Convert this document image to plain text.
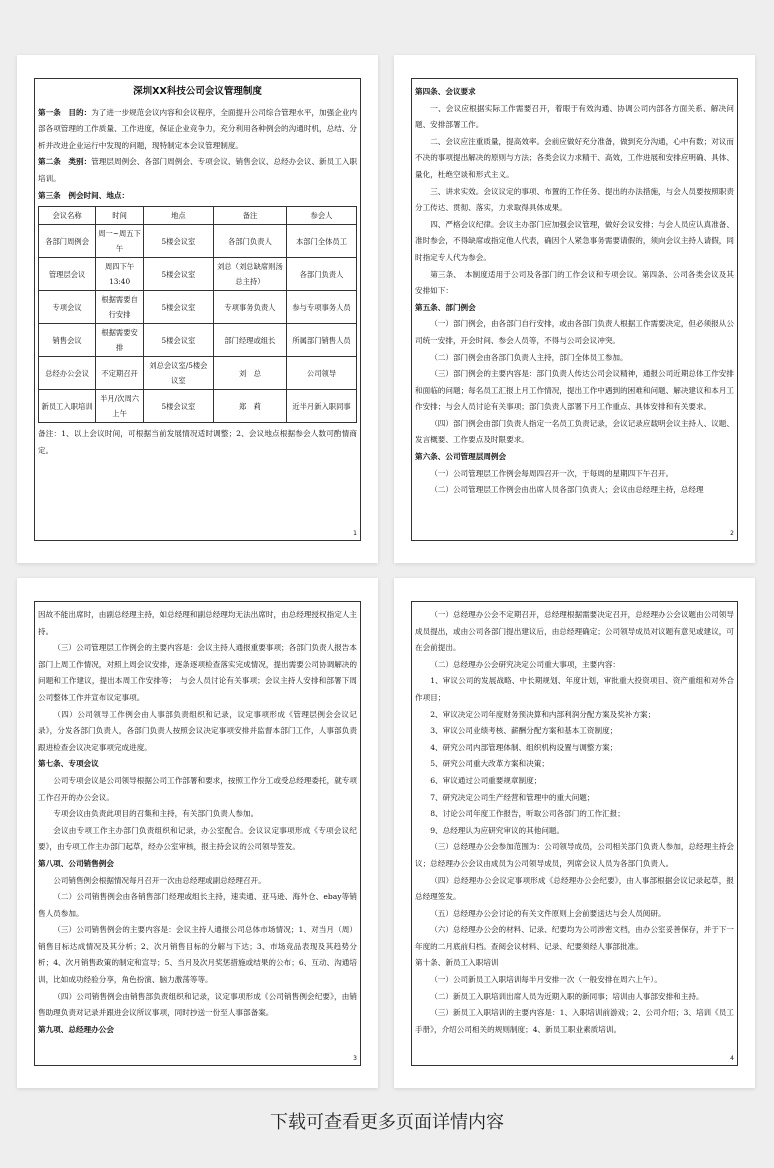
深圳XX科技公司会议管理制度

第一条　 目的：为了进一步规范会议内容和会议程序，全面提升公司综合管理水平，加强企业内部各项管理的工作质量、工作进度，保证企业竞争力，充分利用各种例会的沟通时机，总结、分析并改进企业运行中发现的问题，现特制定本会议管理制度。

第二条　 类别：管理层周例会、各部门周例会、专项会议、销售会议、总经办会议、新员工入职培训。

第三条　 例会时间、地点：

会议名称	时间	地点	备注	参会人
各部门周例会	周一~周五下午	5楼会议室	各部门负责人	本部门全体员工
管理层会议	周四下午13:40	5楼会议室	刘总（刘总缺席则汤总主持）	各部门负责人
专项会议	根据需要自行安排	5楼会议室	专项事务负责人	参与专项事务人员
销售会议	根据需要安排	5楼会议室	部门经理或组长	所属部门销售人员
总经办公会议	不定期召开	刘总会议室/5楼会议室	刘　总	公司领导
新员工入职培训	半月/次周六上午	5楼会议室	郑　莉	近半月新入职同事

备注：1、以上会议时间，可根据当前发展情况适时调整；2、会议地点根据参会人数可酌情商定。

1

第四条、会议要求

一、会议应根据实际工作需要召开，着眼于有效沟通、协调公司内部各方面关系、解决问题、安排部署工作。

二、会议应注重质量，提高效率。会前应做好充分准备，做到充分沟通，心中有数；对议而不决的事项提出解决的原则与方法；各类会议力求精干、高效，工作进展和安排应明确、具体、量化，杜绝空谈和形式主义。

三、讲求实效。会议议定的事项、布置的工作任务、提出的办法措施，与会人员要按照职责分工传达、贯彻、落实，力求取得具体成果。

四、严格会议纪律。会议主办部门应加强会议管理，做好会议安排；与会人员应认真准备、准时参会，不得缺席或指定他人代表，确因个人紧急事务需要请假的，须向会议主持人请假，同时指定专人代为参会。

第三条、　本制度适用于公司及各部门的工作会议和专项会议。第四条、公司各类会议及其安排如下：

第五条、部门例会

（一）部门例会，由各部门自行安排，或由各部门负责人根据工作需要决定，但必须报从公司统一安排，开会时间、参会人员等，不得与公司会议冲突。

（二）部门例会由各部门负责人主持，部门全体员工参加。

（三）部门例会的主要内容是：部门负责人传达公司会议精神，通报公司近期总体工作安排和面临的问题；每名员工汇报上月工作情况，提出工作中遇到的困难和问题、解决建议和本月工作安排；与会人员讨论有关事项；部门负责人部署下月工作重点、具体安排和有关要求。

（四）部门例会由部门负责人指定一名员工负责记录，会议记录应载明会议主持人、议题、发言概要、工作要点及时限要求。

第六条、公司管理层周例会

（一）公司管理层工作例会每周四召开一次，于每周的星期四下午召开。

（二）公司管理层工作例会由出席人员各部门负责人；会议由总经理主持，总经理

2

因故不能出席时，由副总经理主持，如总经理和副总经理均无法出席时，由总经理授权指定人主持。

（三）公司管理层工作例会的主要内容是：会议主持人通报重要事项；各部门负责人报告本部门上周工作情况，对照上周会议安排，逐条逐项检查落实完成情况，提出需要公司协调解决的问题和工作建议，提出本周工作安排等；　与会人员讨论有关事项；会议主持人安排和部署下周公司整体工作并宣布议定事项。

（四）公司领导工作例会由人事部负责组织和记录，议定事项形成《管理层例会会议记录》，分发各部门负责人，各部门负责人按照会议决定事项安排并监督本部门工作，人事部负责跟进检查会议决定事项完成进度。

第七条、专项会议

公司专项会议是公司领导根据公司工作部署和要求，按照工作分工或受总经理委托，就专项工作召开的办公会议。

专项会议由负责此项目的召集和主持，有关部门负责人参加。

会议由专项工作主办部门负责组织和记录，办公室配合。会议议定事项形成《专项会议纪要》，由专项工作主办部门起草，经办公室审核，报主持会议的公司领导签发。

第八项、公司销售例会

公司销售例会根据情况每月召开一次由总经理或副总经理召开。

（二）公司销售例会由各销售部门经理或组长主持，速卖通、亚马逊、海外仓、ebay等销售人员参加。

（三）公司销售例会的主要内容是：会议主持人通报公司总体市场情况；1、对当月（周）销售目标达成情况及其分析；2、次月销售目标的分解与下达；3、市场竞品表现及其趋势分析；4、次月销售政策的制定和宣导；5、当月及次月奖惩措施或结果的公布；6、互动、沟通培训，比如成功经验分享，角色扮演、脑力激荡等等。

（四）公司销售例会由销售部负责组织和记录，议定事项形成《公司销售例会纪要》，由销售助理负责对记录并跟进会议所议事项，同时抄送一份至人事部备案。

第九项、总经理办公会

3

（一）总经理办公会不定期召开，总经理根据需要决定召开，总经理办公会议题由公司领导成员提出，或由公司各部门提出建议后，由总经理确定；公司领导成员对议题有意见或建议，可在会前提出。

（二）总经理办公会研究决定公司重大事项，主要内容：

1、审议公司的发展战略、中长期规划、年度计划，审批重大投资项目、资产重组和对外合作项目；

2、审议决定公司年度财务预决算和内部利润分配方案及奖补方案；

3、审议公司业绩考核、薪酬分配方案和基本工资制度；

4、研究公司内部管理体制、组织机构设置与调整方案；

5、研究公司重大改革方案和决策；

6、审议通过公司重要规章制度；

7、研究决定公司生产经营和管理中的重大问题；

8、讨论公司年度工作报告，听取公司各部门的工作汇报；

9、总经理认为应研究审议的其他问题。

（三）总经理办公会参加范围为：公司领导成员，公司相关部门负责人参加，总经理主持会议；总经理办公会议由成员为公司领导成员，列席会议人员为各部门负责人。

（四）总经理办公会议定事项形成《总经理办公会纪要》，由人事部根据会议记录起草，报总经理签发。

（五）总经理办公会讨论的有关文件原则上会前要送达与会人员阅研。

（六）总经理办公会的材料、记录、纪要均为公司涉密文档，由办公室妥善保存，并于下一年度的二月底前归档。查阅会议材料、记录、纪要须经人事部批准。

第十条、新员工入职培训

（一）公司新员工入职培训每半月安排一次（一般安排在周六上午）。

（二）新员工入职培训出席人员为近期入职的新同事；培训由人事部安排和主持。

（三）新员工入职培训的主要内容是：1、入职培训前游戏；2、公司介绍；3、培训《员工手册》，介绍公司相关的规则制度；4、新员工职业素质培训。

4
下载可查看更多页面详情内容
